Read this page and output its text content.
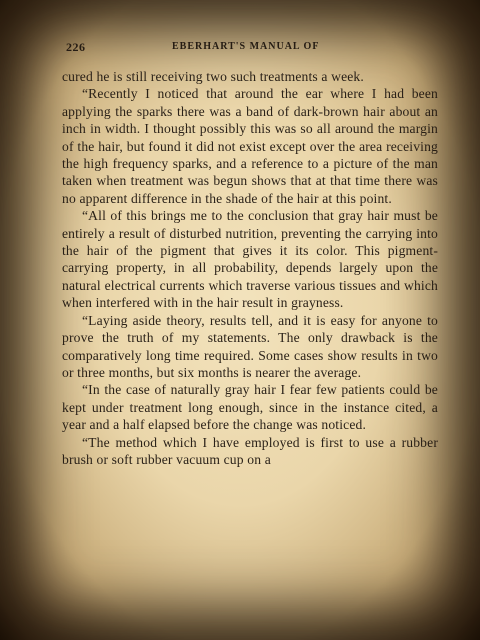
226	EBERHART'S MANUAL OF

cured he is still receiving two such treatments a week.

“Recently I noticed that around the ear where I had been applying the sparks there was a band of dark-brown hair about an inch in width. I thought possibly this was so all around the margin of the hair, but found it did not exist except over the area receiving the high frequency sparks, and a reference to a picture of the man taken when treatment was begun shows that at that time there was no apparent difference in the shade of the hair at this point.

“All of this brings me to the conclusion that gray hair must be entirely a result of disturbed nutrition, preventing the carrying into the hair of the pigment that gives it its color. This pigment-carrying property, in all probability, depends largely upon the natural electrical currents which traverse various tissues and which when interfered with in the hair result in grayness.

“Laying aside theory, results tell, and it is easy for anyone to prove the truth of my statements. The only drawback is the comparatively long time required. Some cases show results in two or three months, but six months is nearer the average.

“In the case of naturally gray hair I fear few patients could be kept under treatment long enough, since in the instance cited, a year and a half elapsed before the change was noticed.

“The method which I have employed is first to use a rubber brush or soft rubber vacuum cup on a
